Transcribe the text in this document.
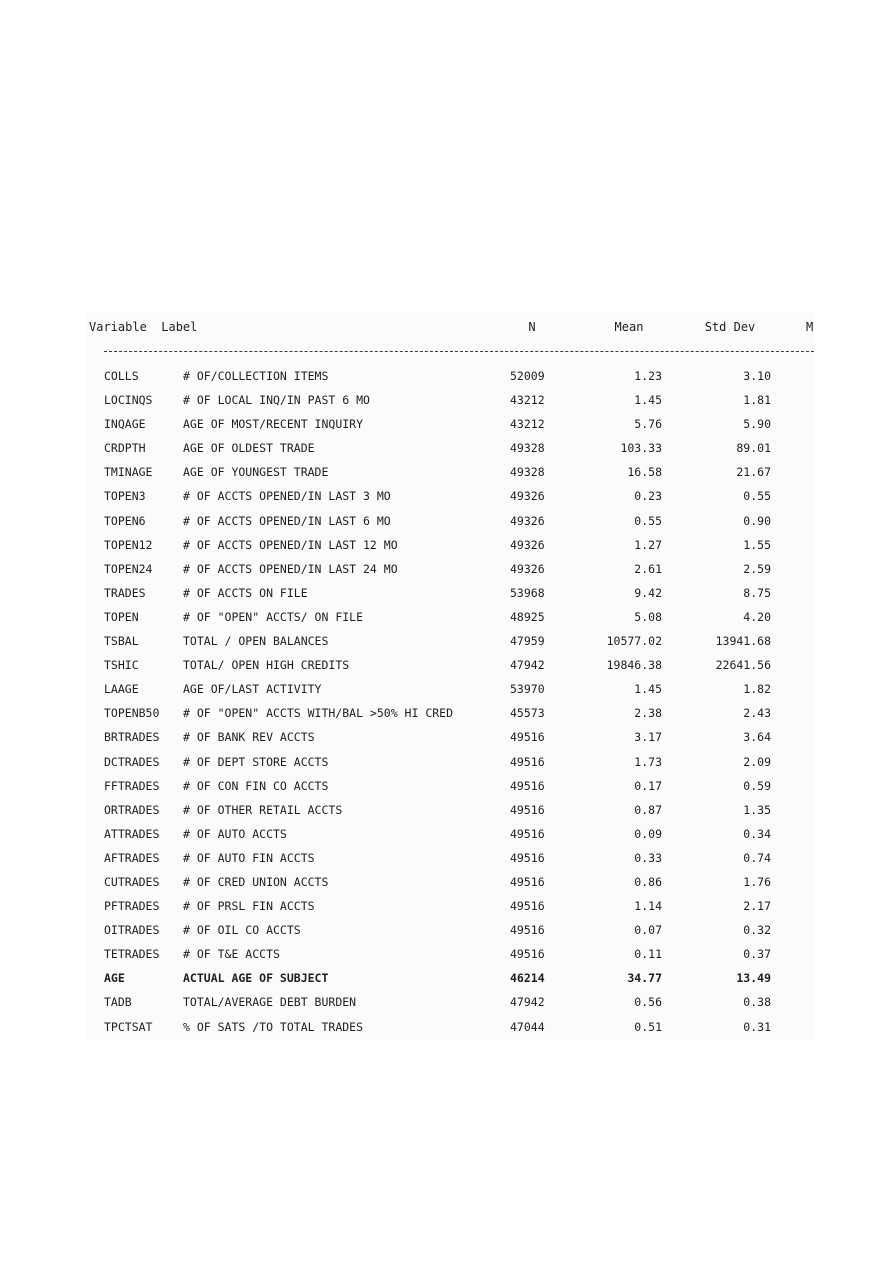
Variable Label	N	Mean	Std Dev	M
COLLS	# OF/COLLECTION ITEMS	52009	1.23	3.10
LOCINQS	# OF LOCAL INQ/IN PAST 6 MO	43212	1.45	1.81
INQAGE	AGE OF MOST/RECENT INQUIRY	43212	5.76	5.90
CRDPTH	AGE OF OLDEST TRADE	49328	103.33	89.01
TMINAGE	AGE OF YOUNGEST TRADE	49328	16.58	21.67
TOPEN3	# OF ACCTS OPENED/IN LAST 3 MO	49326	0.23	0.55
TOPEN6	# OF ACCTS OPENED/IN LAST 6 MO	49326	0.55	0.90
TOPEN12	# OF ACCTS OPENED/IN LAST 12 MO	49326	1.27	1.55
TOPEN24	# OF ACCTS OPENED/IN LAST 24 MO	49326	2.61	2.59
TRADES	# OF ACCTS ON FILE	53968	9.42	8.75
TOPEN	# OF "OPEN" ACCTS/ ON FILE	48925	5.08	4.20
TSBAL	TOTAL / OPEN BALANCES	47959	10577.02	13941.68
TSHIC	TOTAL/ OPEN HIGH CREDITS	47942	19846.38	22641.56
LAAGE	AGE OF/LAST ACTIVITY	53970	1.45	1.82
TOPENB50 # OF "OPEN" ACCTS WITH/BAL >50% HI CRED	45573	2.38	2.43
BRTRADES # OF BANK REV ACCTS	49516	3.17	3.64
DCTRADES # OF DEPT STORE ACCTS	49516	1.73	2.09
FFTRADES # OF CON FIN CO ACCTS	49516	0.17	0.59
ORTRADES # OF OTHER RETAIL ACCTS	49516	0.87	1.35
ATTRADES # OF AUTO ACCTS	49516	0.09	0.34
AFTRADES # OF AUTO FIN ACCTS	49516	0.33	0.74
CUTRADES # OF CRED UNION ACCTS	49516	0.86	1.76
PFTRADES # OF PRSL FIN ACCTS	49516	1.14	2.17
OITRADES # OF OIL CO ACCTS	49516	0.07	0.32
TETRADES # OF T&E ACCTS	49516	0.11	0.37
AGE	ACTUAL AGE OF SUBJECT	46214	34.77	13.49
TADB	TOTAL/AVERAGE DEBT BURDEN	47942	0.56	0.38
TPCTSAT	% OF SATS /TO TOTAL TRADES	47044	0.51	0.31
